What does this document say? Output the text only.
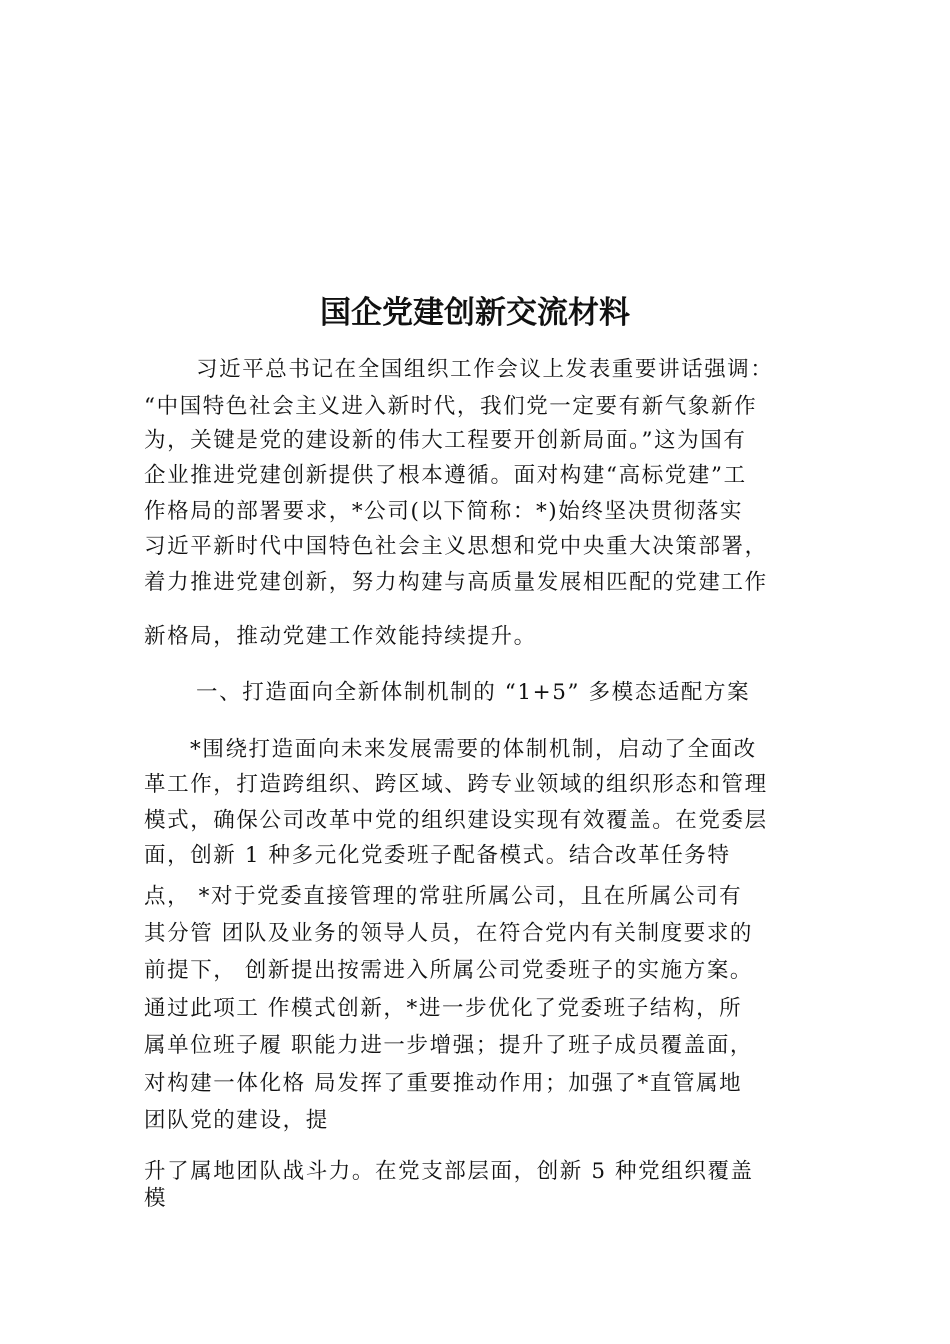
国企党建创新交流材料
习近平总书记在全国组织工作会议上发表重要讲话强调：
“中国特色社会主义进入新时代，我们党一定要有新气象新作
为，关键是党的建设新的伟大工程要开创新局面。”这为国有
企业推进党建创新提供了根本遵循。面对构建“高标党建”工
作格局的部署要求，*公司(以下简称：*)始终坚决贯彻落实
习近平新时代中国特色社会主义思想和党中央重大决策部署，
着力推进党建创新，努力构建与高质量发展相匹配的党建工作
新格局，推动党建工作效能持续提升。
一、打造面向全新体制机制的 “1+5” 多模态适配方案
*围绕打造面向未来发展需要的体制机制，启动了全面改
革工作，打造跨组织、跨区域、跨专业领域的组织形态和管理
模式，确保公司改革中党的组织建设实现有效覆盖。在党委层
面，创新 1 种多元化党委班子配备模式。结合改革任务特
点， *对于党委直接管理的常驻所属公司，且在所属公司有
其分管 团队及业务的领导人员，在符合党内有关制度要求的
前提下， 创新提出按需进入所属公司党委班子的实施方案。
通过此项工 作模式创新，*进一步优化了党委班子结构，所
属单位班子履 职能力进一步增强；提升了班子成员覆盖面，
对构建一体化格 局发挥了重要推动作用；加强了*直管属地
团队党的建设，提
升了属地团队战斗力。在党支部层面，创新 5 种党组织覆盖
模
